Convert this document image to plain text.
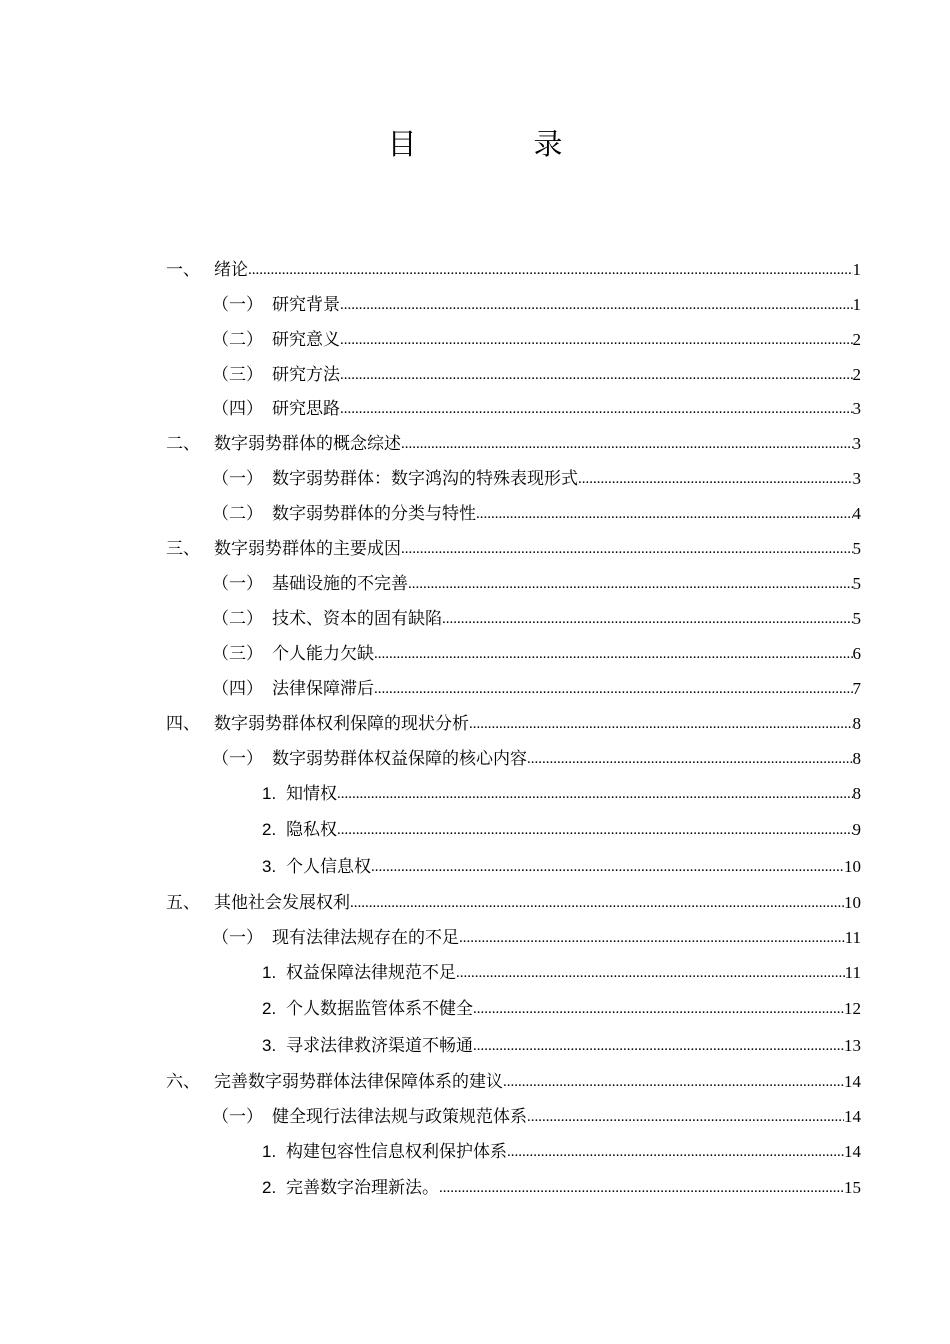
目　录
一、 绪论 .....	1
（一） 研究背景 .....	1
（二） 研究意义 .....	2
（三） 研究方法 .....	2
（四） 研究思路 .....	3
二、 数字弱势群体的概念综述 .....	3
（一） 数字弱势群体：数字鸿沟的特殊表现形式 .....	3
（二） 数字弱势群体的分类与特性 .....	4
三、 数字弱势群体的主要成因 .....	5
（一） 基础设施的不完善 .....	5
（二） 技术、资本的固有缺陷 .....	5
（三） 个人能力欠缺 .....	6
（四） 法律保障滞后 .....	7
四、 数字弱势群体权利保障的现状分析 .....	8
（一） 数字弱势群体权益保障的核心内容 .....	8
1. 知情权 .....	8
2. 隐私权 .....	9
3. 个人信息权 .....	10
五、 其他社会发展权利 .....	10
（一） 现有法律法规存在的不足 .....	11
1. 权益保障法律规范不足 .....	11
2. 个人数据监管体系不健全 .....	12
3. 寻求法律救济渠道不畅通 .....	13
六、 完善数字弱势群体法律保障体系的建议 .....	14
（一） 健全现行法律法规与政策规范体系 .....	14
1. 构建包容性信息权利保护体系 .....	14
2. 完善数字治理新法。 .....	15
